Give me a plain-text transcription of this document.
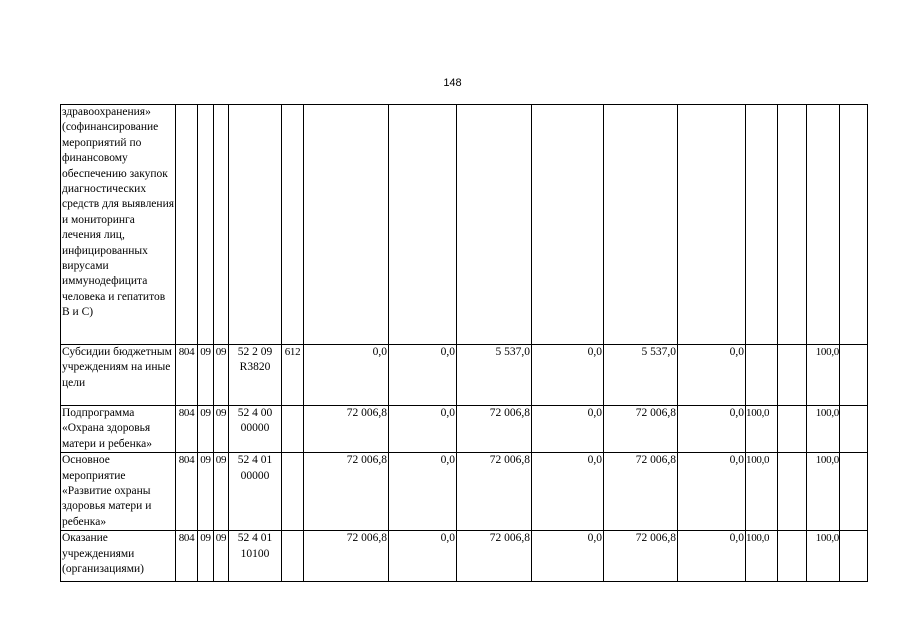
148
здравоохранения» (софинансирование мероприятий по финансовому обеспечению закупок диагностических средств для выявления и мониторинга лечения лиц, инфицированных вирусами иммунодефицита человека и гепатитов В и С)															
Субсидии бюджетным учреждениям на иные цели	804	09	09	52 2 09 R3820	612	0,0	0,0	5 537,0	0,0	5 537,0	0,0			100,0	
Подпрограмма «Охрана здоровья матери и ребенка»	804	09	09	52 4 00 00000		72 006,8	0,0	72 006,8	0,0	72 006,8	0,0	100,0		100,0	
Основное мероприятие «Развитие охраны здоровья матери и ребенка»	804	09	09	52 4 01 00000		72 006,8	0,0	72 006,8	0,0	72 006,8	0,0	100,0		100,0	
Оказание учреждениями (организациями)	804	09	09	52 4 01 10100		72 006,8	0,0	72 006,8	0,0	72 006,8	0,0	100,0		100,0	
